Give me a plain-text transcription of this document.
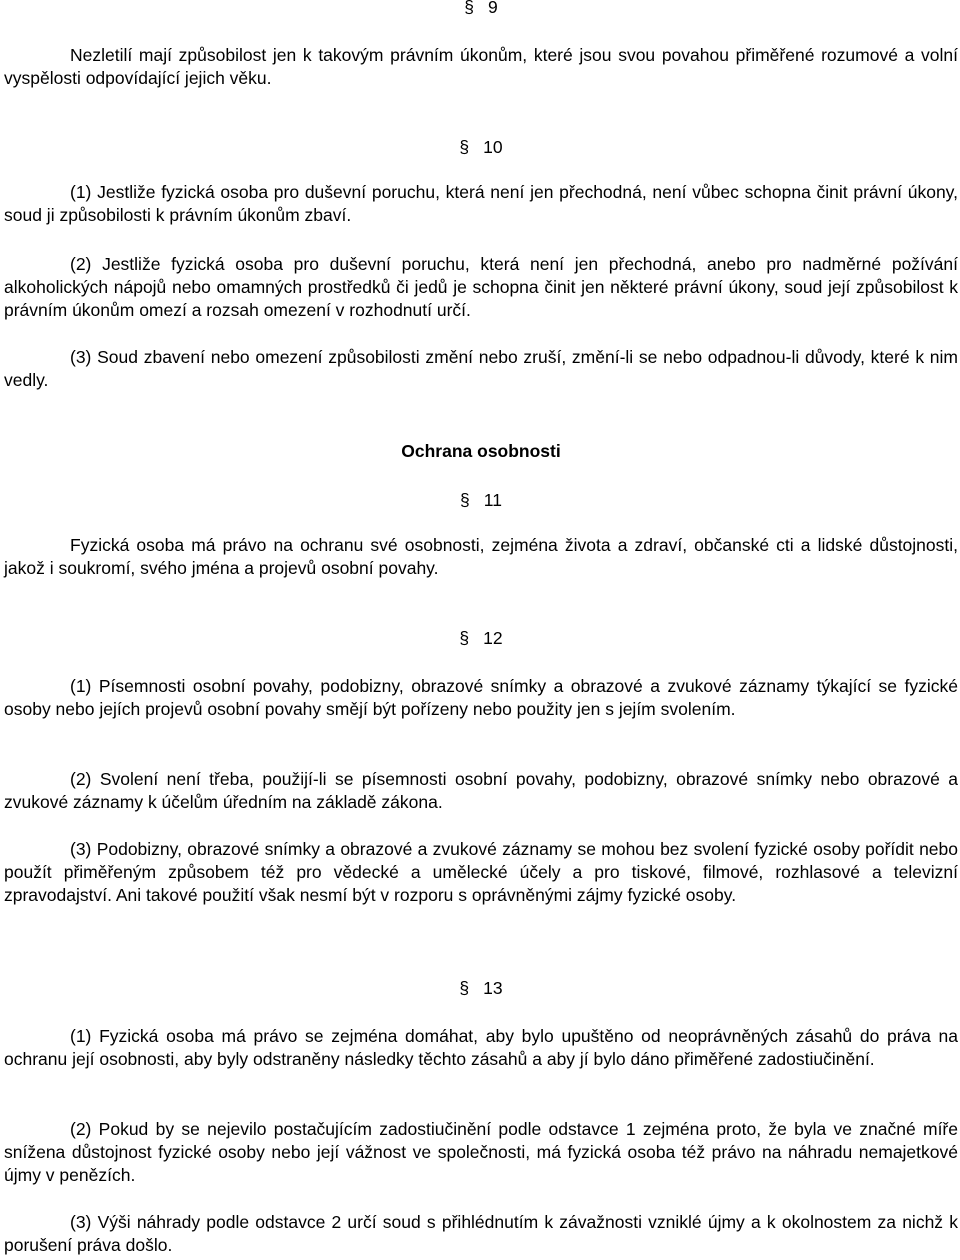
§ 9

Nezletilí mají způsobilost jen k takovým právním úkonům, které jsou svou povahou přiměřené rozumové a volní vyspělosti odpovídající jejich věku.

§ 10

(1) Jestliže fyzická osoba pro duševní poruchu, která není jen přechodná, není vůbec schopna činit právní úkony, soud ji způsobilosti k právním úkonům zbaví.

(2) Jestliže fyzická osoba pro duševní poruchu, která není jen přechodná, anebo pro nadměrné požívání alkoholických nápojů nebo omamných prostředků či jedů je schopna činit jen některé právní úkony, soud její způsobilost k právním úkonům omezí a rozsah omezení v rozhodnutí určí.

(3) Soud zbavení nebo omezení způsobilosti změní nebo zruší, změní-li se nebo odpadnou-li důvody, které k nim vedly.

Ochrana osobnosti
§ 11

Fyzická osoba má právo na ochranu své osobnosti, zejména života a zdraví, občanské cti a lidské důstojnosti, jakož i soukromí, svého jména a projevů osobní povahy.

§ 12

(1) Písemnosti osobní povahy, podobizny, obrazové snímky a obrazové a zvukové záznamy týkající se fyzické osoby nebo jejích projevů osobní povahy smějí být pořízeny nebo použity jen s jejím svolením.

(2) Svolení není třeba, použijí-li se písemnosti osobní povahy, podobizny, obrazové snímky nebo obrazové a zvukové záznamy k účelům úředním na základě zákona.

(3) Podobizny, obrazové snímky a obrazové a zvukové záznamy se mohou bez svolení fyzické osoby pořídit nebo použít přiměřeným způsobem též pro vědecké a umělecké účely a pro tiskové, filmové, rozhlasové a televizní zpravodajství. Ani takové použití však nesmí být v rozporu s oprávněnými zájmy fyzické osoby.

§ 13

(1) Fyzická osoba má právo se zejména domáhat, aby bylo upuštěno od neoprávněných zásahů do práva na ochranu její osobnosti, aby byly odstraněny následky těchto zásahů a aby jí bylo dáno přiměřené zadostiučinění.

(2) Pokud by se nejevilo postačujícím zadostiučinění podle odstavce 1 zejména proto, že byla ve značné míře snížena důstojnost fyzické osoby nebo její vážnost ve společnosti, má fyzická osoba též právo na náhradu nemajetkové újmy v penězích.

(3) Výši náhrady podle odstavce 2 určí soud s přihlédnutím k závažnosti vzniklé újmy a k okolnostem za nichž k porušení práva došlo.
